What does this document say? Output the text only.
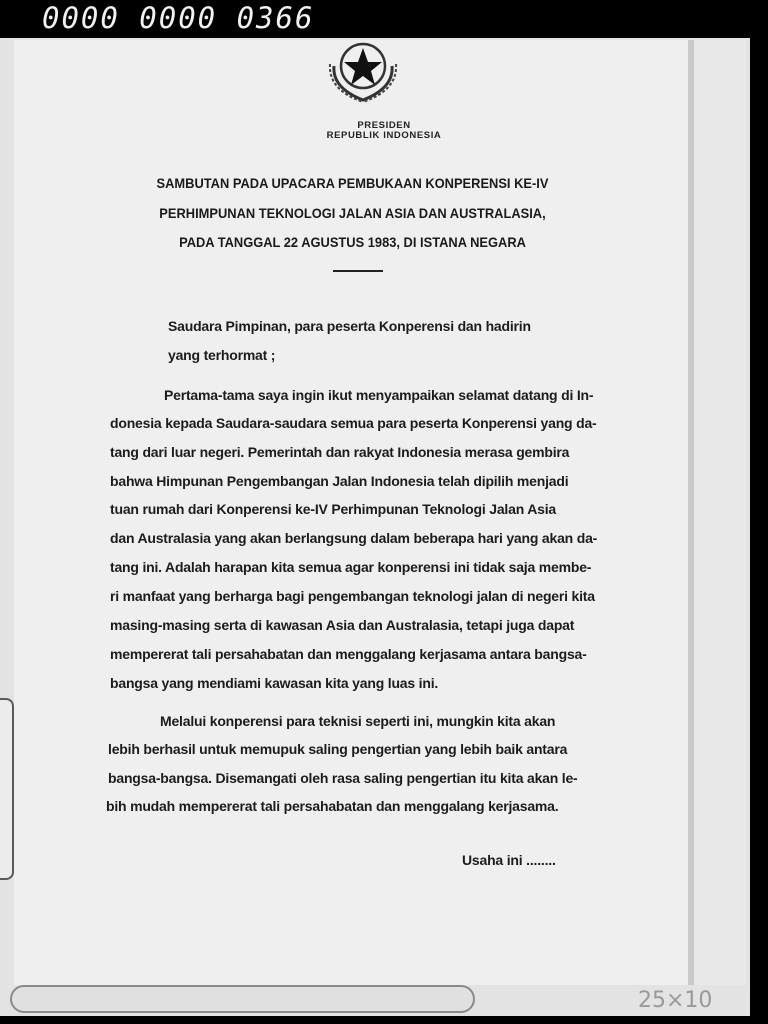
0000 0000 0366
25×10
PRESIDEN
REPUBLIK INDONESIA
SAMBUTAN PADA UPACARA PEMBUKAAN KONPERENSI KE-IV
PERHIMPUNAN TEKNOLOGI JALAN ASIA DAN AUSTRALASIA,
PADA TANGGAL 22 AGUSTUS 1983, DI ISTANA NEGARA
Saudara Pimpinan, para peserta Konperensi dan hadirin
yang terhormat ;
Pertama-tama saya ingin ikut menyampaikan selamat datang di In-
donesia kepada Saudara-saudara semua para peserta Konperensi yang da-
tang dari luar negeri. Pemerintah dan rakyat Indonesia merasa gembira
bahwa Himpunan Pengembangan Jalan Indonesia telah dipilih menjadi
tuan rumah dari Konperensi ke-IV Perhimpunan Teknologi Jalan Asia
dan Australasia yang akan berlangsung dalam beberapa hari yang akan da-
tang ini. Adalah harapan kita semua agar konperensi ini tidak saja membe-
ri manfaat yang berharga bagi pengembangan teknologi jalan di negeri kita
masing-masing serta di kawasan Asia dan Australasia, tetapi juga dapat
mempererat tali persahabatan dan menggalang kerjasama antara bangsa-
bangsa yang mendiami kawasan kita yang luas ini.
Melalui konperensi para teknisi seperti ini, mungkin kita akan
lebih berhasil untuk memupuk saling pengertian yang lebih baik antara
bangsa-bangsa. Disemangati oleh rasa saling pengertian itu kita akan le-
bih mudah mempererat tali persahabatan dan menggalang kerjasama.
Usaha ini ........
